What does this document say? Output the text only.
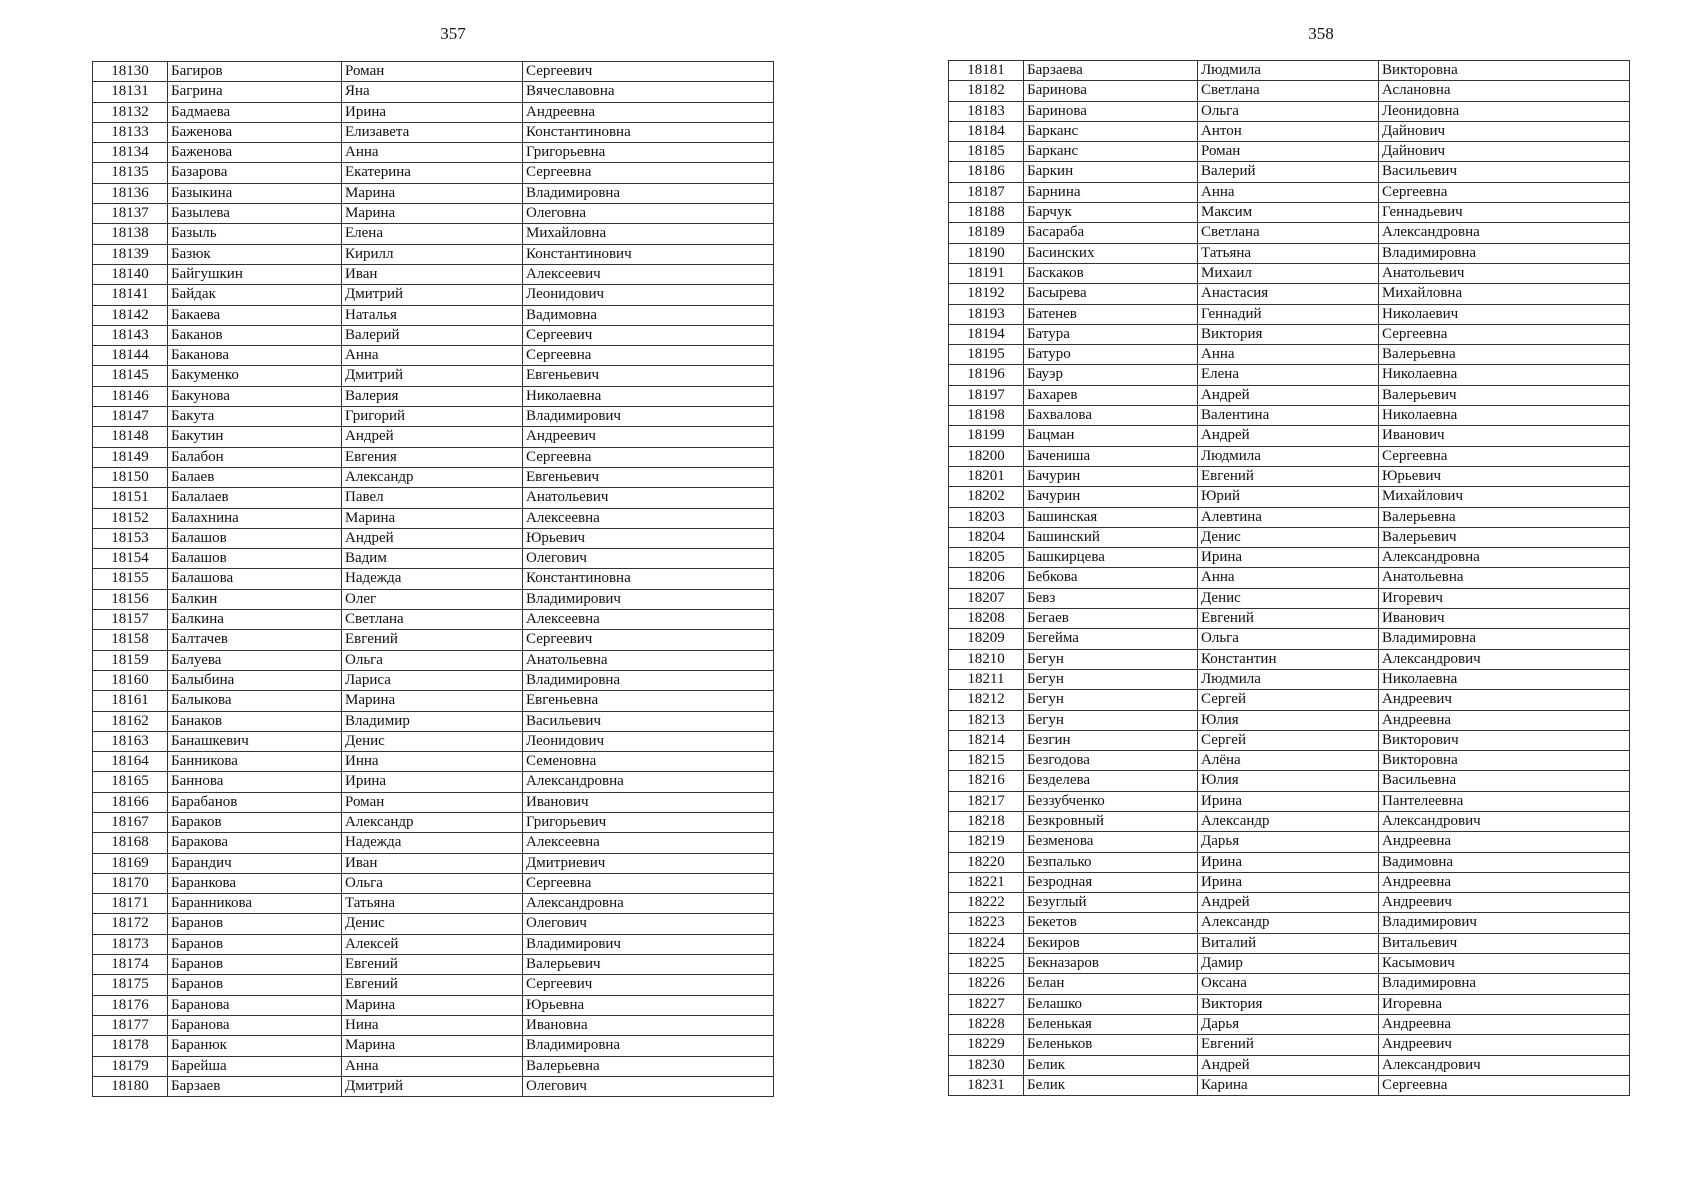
357
18130	Багиров	Роман	Сергеевич
18131	Багрина	Яна	Вячеславовна
18132	Бадмаева	Ирина	Андреевна
18133	Баженова	Елизавета	Константиновна
18134	Баженова	Анна	Григорьевна
18135	Базарова	Екатерина	Сергеевна
18136	Базыкина	Марина	Владимировна
18137	Базылева	Марина	Олеговна
18138	Базыль	Елена	Михайловна
18139	Базюк	Кирилл	Константинович
18140	Байгушкин	Иван	Алексеевич
18141	Байдак	Дмитрий	Леонидович
18142	Бакаева	Наталья	Вадимовна
18143	Баканов	Валерий	Сергеевич
18144	Баканова	Анна	Сергеевна
18145	Бакуменко	Дмитрий	Евгеньевич
18146	Бакунова	Валерия	Николаевна
18147	Бакута	Григорий	Владимирович
18148	Бакутин	Андрей	Андреевич
18149	Балабон	Евгения	Сергеевна
18150	Балаев	Александр	Евгеньевич
18151	Балалаев	Павел	Анатольевич
18152	Балахнина	Марина	Алексеевна
18153	Балашов	Андрей	Юрьевич
18154	Балашов	Вадим	Олегович
18155	Балашова	Надежда	Константиновна
18156	Балкин	Олег	Владимирович
18157	Балкина	Светлана	Алексеевна
18158	Балтачев	Евгений	Сергеевич
18159	Балуева	Ольга	Анатольевна
18160	Балыбина	Лариса	Владимировна
18161	Балыкова	Марина	Евгеньевна
18162	Банаков	Владимир	Васильевич
18163	Банашкевич	Денис	Леонидович
18164	Банникова	Инна	Семеновна
18165	Баннова	Ирина	Александровна
18166	Барабанов	Роман	Иванович
18167	Бараков	Александр	Григорьевич
18168	Баракова	Надежда	Алексеевна
18169	Барандич	Иван	Дмитриевич
18170	Баранкова	Ольга	Сергеевна
18171	Баранникова	Татьяна	Александровна
18172	Баранов	Денис	Олегович
18173	Баранов	Алексей	Владимирович
18174	Баранов	Евгений	Валерьевич
18175	Баранов	Евгений	Сергеевич
18176	Баранова	Марина	Юрьевна
18177	Баранова	Нина	Ивановна
18178	Баранюк	Марина	Владимировна
18179	Барейша	Анна	Валерьевна
18180	Барзаев	Дмитрий	Олегович
358
18181	Барзаева	Людмила	Викторовна
18182	Баринова	Светлана	Аслановна
18183	Баринова	Ольга	Леонидовна
18184	Барканс	Антон	Дайнович
18185	Барканс	Роман	Дайнович
18186	Баркин	Валерий	Васильевич
18187	Барнина	Анна	Сергеевна
18188	Барчук	Максим	Геннадьевич
18189	Басараба	Светлана	Александровна
18190	Басинских	Татьяна	Владимировна
18191	Баскаков	Михаил	Анатольевич
18192	Басырева	Анастасия	Михайловна
18193	Батенев	Геннадий	Николаевич
18194	Батура	Виктория	Сергеевна
18195	Батуро	Анна	Валерьевна
18196	Бауэр	Елена	Николаевна
18197	Бахарев	Андрей	Валерьевич
18198	Бахвалова	Валентина	Николаевна
18199	Бацман	Андрей	Иванович
18200	Бачениша	Людмила	Сергеевна
18201	Бачурин	Евгений	Юрьевич
18202	Бачурин	Юрий	Михайлович
18203	Башинская	Алевтина	Валерьевна
18204	Башинский	Денис	Валерьевич
18205	Башкирцева	Ирина	Александровна
18206	Бебкова	Анна	Анатольевна
18207	Бевз	Денис	Игоревич
18208	Бегаев	Евгений	Иванович
18209	Бегейма	Ольга	Владимировна
18210	Бегун	Константин	Александрович
18211	Бегун	Людмила	Николаевна
18212	Бегун	Сергей	Андреевич
18213	Бегун	Юлия	Андреевна
18214	Безгин	Сергей	Викторович
18215	Безгодова	Алёна	Викторовна
18216	Безделева	Юлия	Васильевна
18217	Беззубченко	Ирина	Пантелеевна
18218	Безкровный	Александр	Александрович
18219	Безменова	Дарья	Андреевна
18220	Безпалько	Ирина	Вадимовна
18221	Безродная	Ирина	Андреевна
18222	Безуглый	Андрей	Андреевич
18223	Бекетов	Александр	Владимирович
18224	Бекиров	Виталий	Витальевич
18225	Бекназаров	Дамир	Касымович
18226	Белан	Оксана	Владимировна
18227	Белашко	Виктория	Игоревна
18228	Беленькая	Дарья	Андреевна
18229	Беленьков	Евгений	Андреевич
18230	Белик	Андрей	Александрович
18231	Белик	Карина	Сергеевна
